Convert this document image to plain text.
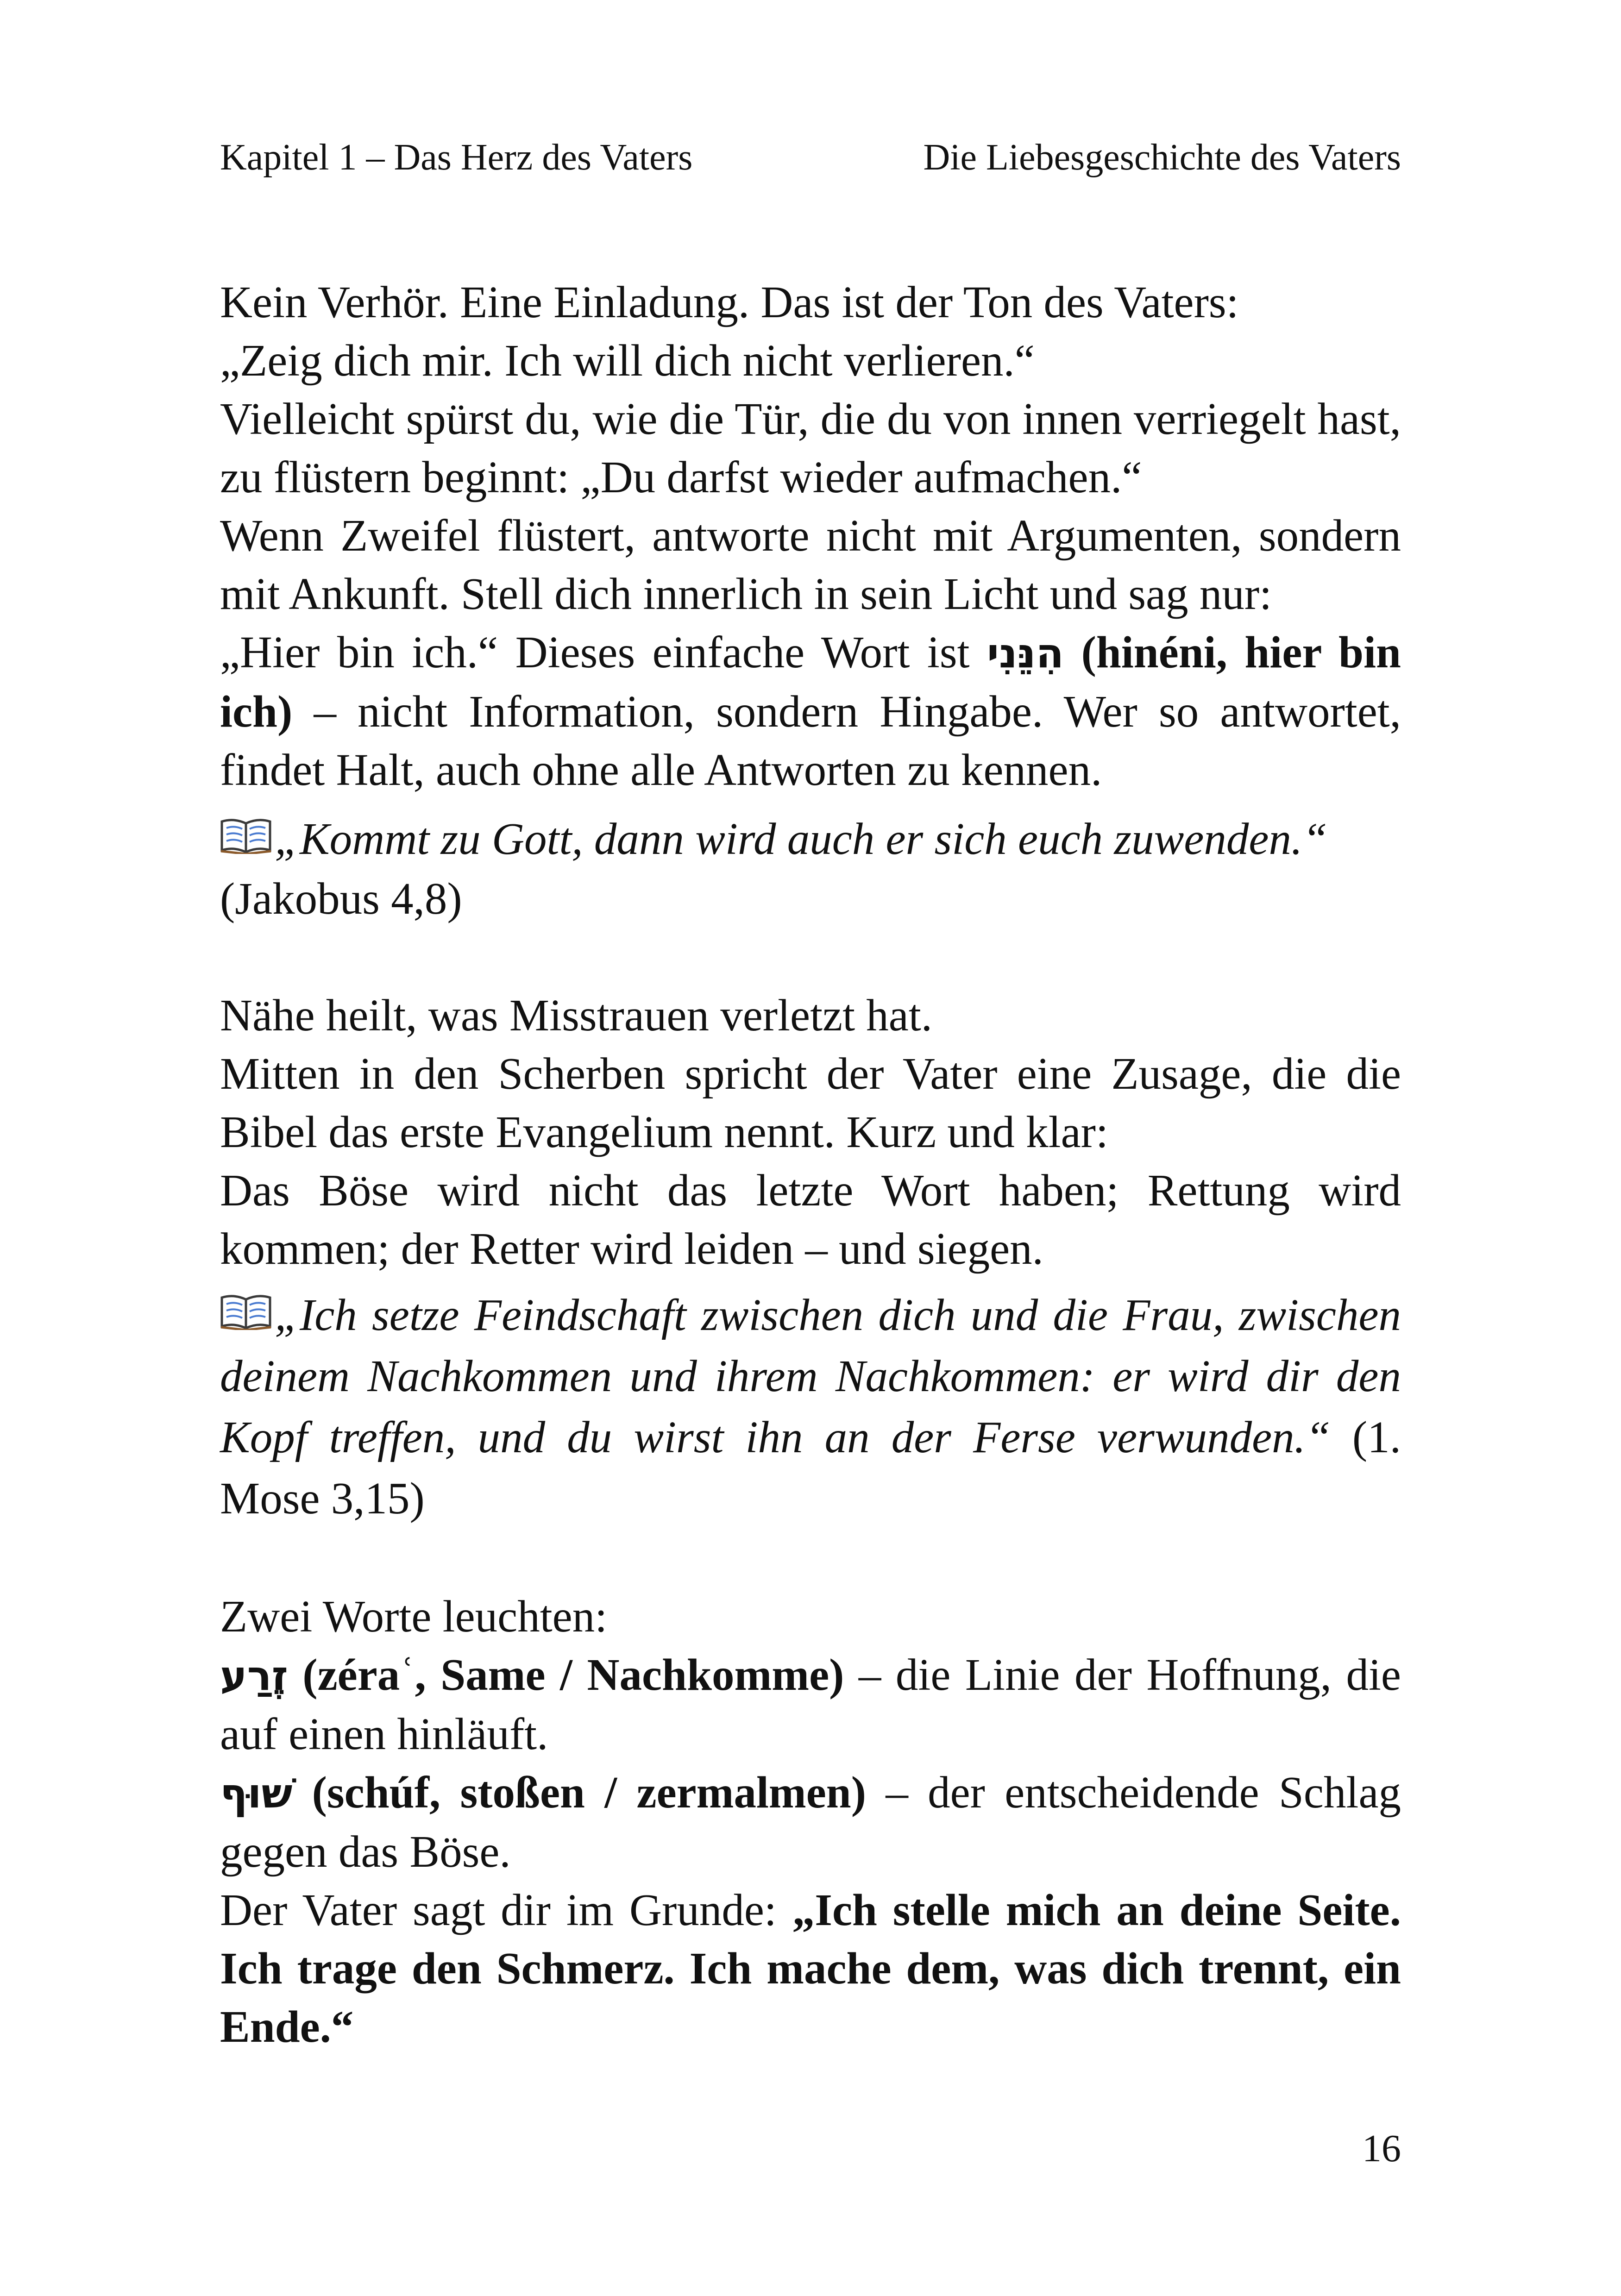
Kapitel 1 – Das Herz des Vaters	Die Liebesgeschichte des Vaters

Kein Verhör. Eine Einladung. Das ist der Ton des Vaters:

„Zeig dich mir. Ich will dich nicht verlieren.“

Vielleicht spürst du, wie die Tür, die du von innen verriegelt hast, zu flüstern beginnt: „Du darfst wieder aufmachen.“

Wenn Zweifel flüstert, antworte nicht mit Argumenten, sondern mit Ankunft. Stell dich innerlich in sein Licht und sag nur:

„Hier bin ich.“ Dieses einfache Wort ist הִנֵּנִי (hinéni, hier bin ich) – nicht Information, sondern Hingabe. Wer so antwortet, findet Halt, auch ohne alle Antworten zu kennen.

„Kommt zu Gott, dann wird auch er sich euch zuwenden.“

(Jakobus 4,8)

Nähe heilt, was Misstrauen verletzt hat.

Mitten in den Scherben spricht der Vater eine Zusage, die die Bibel das erste Evangelium nennt. Kurz und klar:

Das Böse wird nicht das letzte Wort haben; Rettung wird kommen; der Retter wird leiden – und siegen.

„Ich setze Feindschaft zwischen dich und die Frau, zwischen deinem Nachkommen und ihrem Nachkommen: er wird dir den Kopf treffen, und du wirst ihn an der Ferse verwunden.“ (1. Mose 3,15)

Zwei Worte leuchten:

זֶרַע (zéraʿ, Same / Nachkomme) – die Linie der Hoffnung, die auf einen hinläuft.

שׁוּף (schúf, stoßen / zermalmen) – der entscheidende Schlag gegen das Böse.

Der Vater sagt dir im Grunde: „Ich stelle mich an deine Seite. Ich trage den Schmerz. Ich mache dem, was dich trennt, ein Ende.“

16
